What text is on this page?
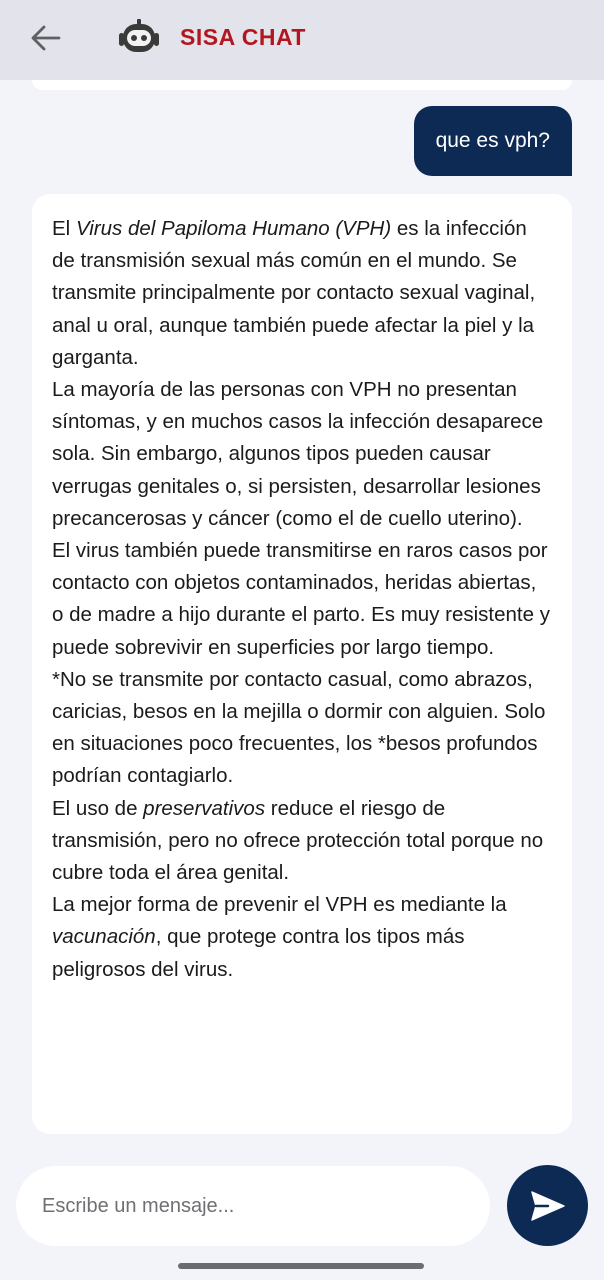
SISA CHAT
que es vph?

El Virus del Papiloma Humano (VPH) es la infección de transmisión sexual más común en el mundo. Se transmite principalmente por contacto sexual vaginal, anal u oral, aunque también puede afectar la piel y la garganta.

La mayoría de las personas con VPH no presentan síntomas, y en muchos casos la infección desaparece sola. Sin embargo, algunos tipos pueden causar verrugas genitales o, si persisten, desarrollar lesiones precancerosas y cáncer (como el de cuello uterino).

El virus también puede transmitirse en raros casos por contacto con objetos contaminados, heridas abiertas, o de madre a hijo durante el parto. Es muy resistente y puede sobrevivir en superficies por largo tiempo.

*No se transmite por contacto casual, como abrazos, caricias, besos en la mejilla o dormir con alguien. Solo en situaciones poco frecuentes, los *besos profundos podrían contagiarlo.

El uso de preservativos reduce el riesgo de transmisión, pero no ofrece protección total porque no cubre toda el área genital.

La mejor forma de prevenir el VPH es mediante la vacunación, que protege contra los tipos más peligrosos del virus.

Escribe un mensaje...
